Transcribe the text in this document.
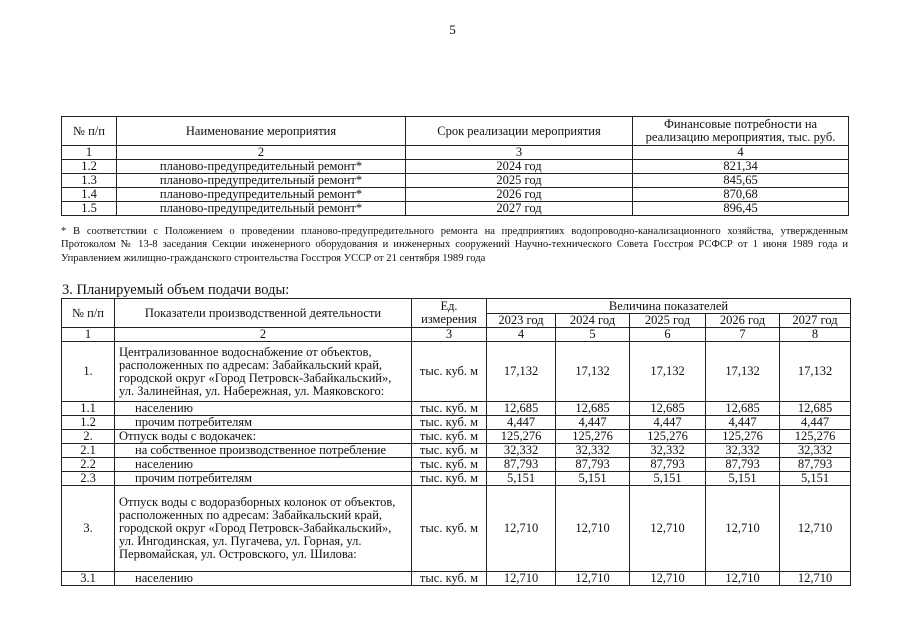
5
№ п/п	Наименование мероприятия	Срок реализации мероприятия	Финансовые потребности на реализацию мероприятия, тыс. руб.
1	2	3	4
1.2	планово-предупредительный ремонт*	2024 год	821,34
1.3	планово-предупредительный ремонт*	2025 год	845,65
1.4	планово-предупредительный ремонт*	2026 год	870,68
1.5	планово-предупредительный ремонт*	2027 год	896,45
* В соответствии с Положением о проведении планово-предупредительного ремонта на предприятиях водопроводно-канализационного хозяйства, утвержденным Протоколом № 13-8 заседания Секции инженерного оборудования и инженерных сооружений Научно-технического Совета Госстроя РСФСР от 1 июня 1989 года и Управлением жилищно-гражданского строительства Госстроя УССР от 21 сентября 1989 года
3. Планируемый объем подачи воды:
№ п/п	Показатели производственной деятельности	Ед. измерения	Величина показателей				
			2023 год	2024 год	2025 год	2026 год	2027 год
1	2	3	4	5	6	7	8
1.	Централизованное водоснабжение от объектов, расположенных по адресам: Забайкальский край, городской округ «Город Петровск-Забайкальский», ул. Залинейная, ул. Набережная, ул. Маяковского:	тыс. куб. м	17,132	17,132	17,132	17,132	17,132
1.1	населению	тыс. куб. м	12,685	12,685	12,685	12,685	12,685
1.2	прочим потребителям	тыс. куб. м	4,447	4,447	4,447	4,447	4,447
2.	Отпуск воды с водокачек:	тыс. куб. м	125,276	125,276	125,276	125,276	125,276
2.1	на собственное производственное потребление	тыс. куб. м	32,332	32,332	32,332	32,332	32,332
2.2	населению	тыс. куб. м	87,793	87,793	87,793	87,793	87,793
2.3	прочим потребителям	тыс. куб. м	5,151	5,151	5,151	5,151	5,151
3.	Отпуск воды с водоразборных колонок от объектов, расположенных по адресам: Забайкальский край, городской округ «Город Петровск-Забайкальский», ул. Ингодинская, ул. Пугачева, ул. Горная, ул. Первомайская, ул. Островского, ул. Шилова:	тыс. куб. м	12,710	12,710	12,710	12,710	12,710
3.1	населению	тыс. куб. м	12,710	12,710	12,710	12,710	12,710
